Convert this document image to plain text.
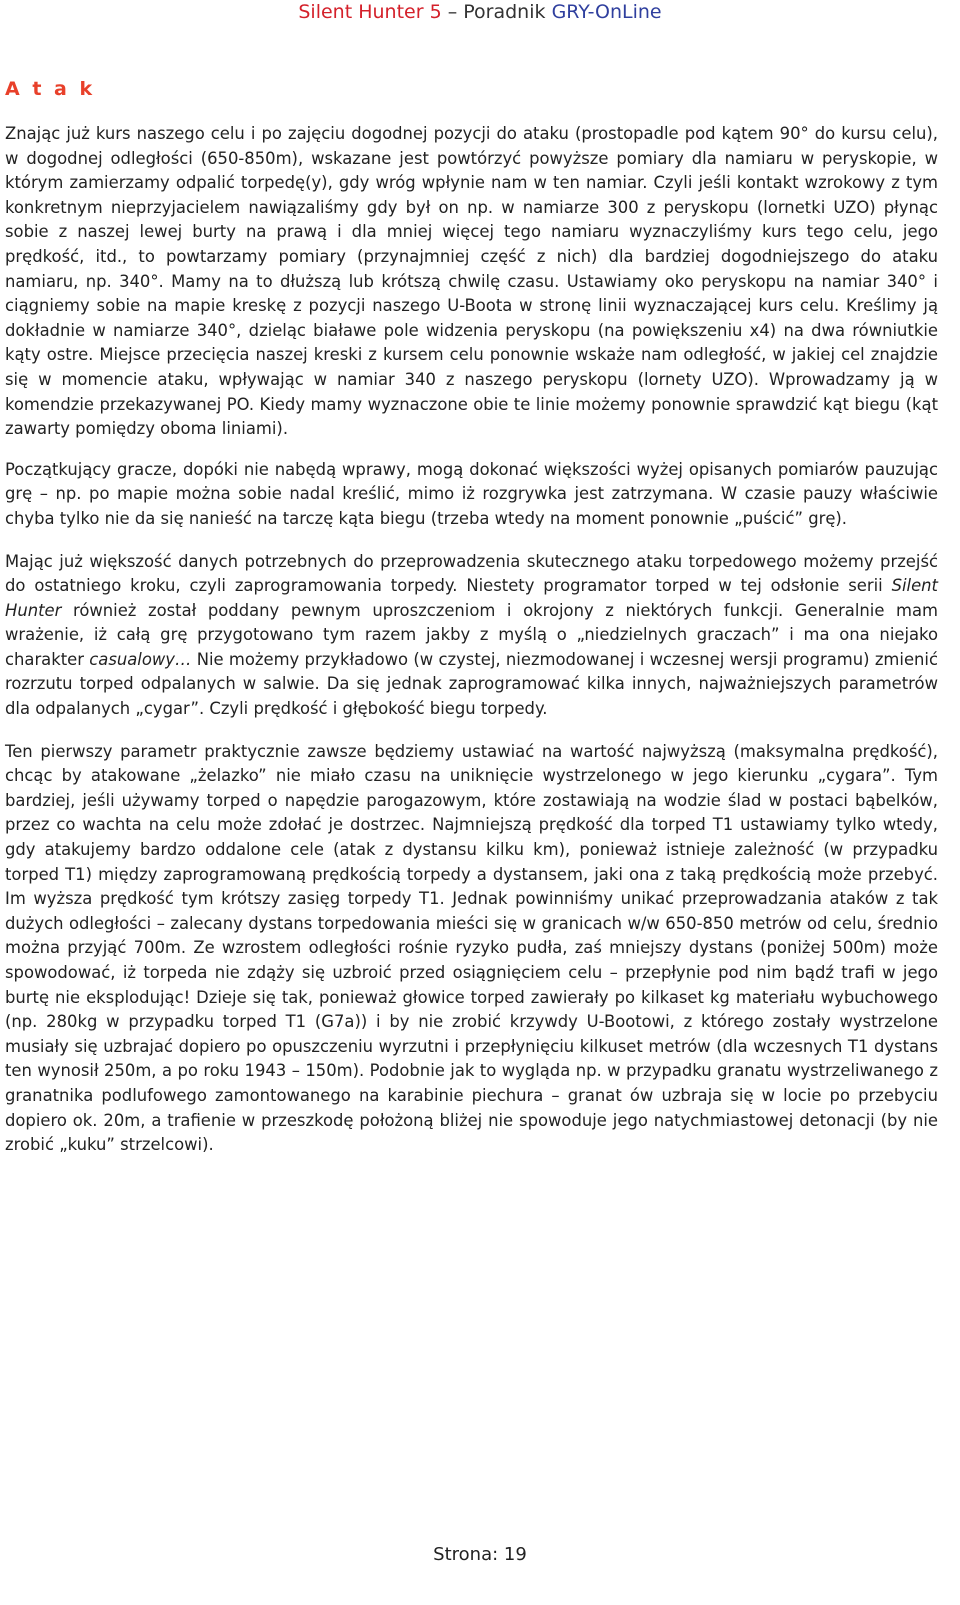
Silent Hunter 5 – Poradnik GRY-OnLine
A t a k

Znając już kurs naszego celu i po zajęciu dogodnej pozycji do ataku (prostopadle pod kątem 90° do kursu celu), w dogodnej odległości (650-850m), wskazane jest powtórzyć powyższe pomiary dla namiaru w peryskopie, w którym zamierzamy odpalić torpedę(y), gdy wróg wpłynie nam w ten namiar. Czyli jeśli kontakt wzrokowy z tym konkretnym nieprzyjacielem nawiązaliśmy gdy był on np. w namiarze 300 z peryskopu (lornetki UZO) płynąc sobie z naszej lewej burty na prawą i dla mniej więcej tego namiaru wyznaczyliśmy kurs tego celu, jego prędkość, itd., to powtarzamy pomiary (przynajmniej część z nich) dla bardziej dogodniejszego do ataku namiaru, np. 340°. Mamy na to dłuższą lub krótszą chwilę czasu. Ustawiamy oko peryskopu na namiar 340° i ciągniemy sobie na mapie kreskę z pozycji naszego U-Boota w stronę linii wyznaczającej kurs celu. Kreślimy ją dokładnie w namiarze 340°, dzieląc białawe pole widzenia peryskopu (na powiększeniu x4) na dwa równiutkie kąty ostre. Miejsce przecięcia naszej kreski z kursem celu ponownie wskaże nam odległość, w jakiej cel znajdzie się w momencie ataku, wpływając w namiar 340 z naszego peryskopu (lornety UZO). Wprowadzamy ją w komendzie przekazywanej PO. Kiedy mamy wyznaczone obie te linie możemy ponownie sprawdzić kąt biegu (kąt zawarty pomiędzy oboma liniami).

Początkujący gracze, dopóki nie nabędą wprawy, mogą dokonać większości wyżej opisanych pomiarów pauzując grę – np. po mapie można sobie nadal kreślić, mimo iż rozgrywka jest zatrzymana. W czasie pauzy właściwie chyba tylko nie da się nanieść na tarczę kąta biegu (trzeba wtedy na moment ponownie „puścić” grę).

Mając już większość danych potrzebnych do przeprowadzenia skutecznego ataku torpedowego możemy przejść do ostatniego kroku, czyli zaprogramowania torpedy. Niestety programator torped w tej odsłonie serii Silent Hunter również został poddany pewnym uproszczeniom i okrojony z niektórych funkcji. Generalnie mam wrażenie, iż całą grę przygotowano tym razem jakby z myślą o „niedzielnych graczach” i ma ona niejako charakter casualowy… Nie możemy przykładowo (w czystej, niezmodowanej i wczesnej wersji programu) zmienić rozrzutu torped odpalanych w salwie. Da się jednak zaprogramować kilka innych, najważniejszych parametrów dla odpalanych „cygar”. Czyli prędkość i głębokość biegu torpedy.

Ten pierwszy parametr praktycznie zawsze będziemy ustawiać na wartość najwyższą (maksymalna prędkość), chcąc by atakowane „żelazko” nie miało czasu na uniknięcie wystrzelonego w jego kierunku „cygara”. Tym bardziej, jeśli używamy torped o napędzie parogazowym, które zostawiają na wodzie ślad w postaci bąbelków, przez co wachta na celu może zdołać je dostrzec. Najmniejszą prędkość dla torped T1 ustawiamy tylko wtedy, gdy atakujemy bardzo oddalone cele (atak z dystansu kilku km), ponieważ istnieje zależność (w przypadku torped T1) między zaprogramowaną prędkością torpedy a dystansem, jaki ona z taką prędkością może przebyć. Im wyższa prędkość tym krótszy zasięg torpedy T1. Jednak powinniśmy unikać przeprowadzania ataków z tak dużych odległości – zalecany dystans torpedowania mieści się w granicach w/w 650-850 metrów od celu, średnio można przyjąć 700m. Ze wzrostem odległości rośnie ryzyko pudła, zaś mniejszy dystans (poniżej 500m) może spowodować, iż torpeda nie zdąży się uzbroić przed osiągnięciem celu – przepłynie pod nim bądź trafi w jego burtę nie eksplodując! Dzieje się tak, ponieważ głowice torped zawierały po kilkaset kg materiału wybuchowego (np. 280kg w przypadku torped T1 (G7a)) i by nie zrobić krzywdy U-Bootowi, z którego zostały wystrzelone musiały się uzbrajać dopiero po opuszczeniu wyrzutni i przepłynięciu kilkuset metrów (dla wczesnych T1 dystans ten wynosił 250m, a po roku 1943 – 150m). Podobnie jak to wygląda np. w przypadku granatu wystrzeliwanego z granatnika podlufowego zamontowanego na karabinie piechura – granat ów uzbraja się w locie po przebyciu dopiero ok. 20m, a trafienie w przeszkodę położoną bliżej nie spowoduje jego natychmiastowej detonacji (by nie zrobić „kuku” strzelcowi).

Strona: 19
